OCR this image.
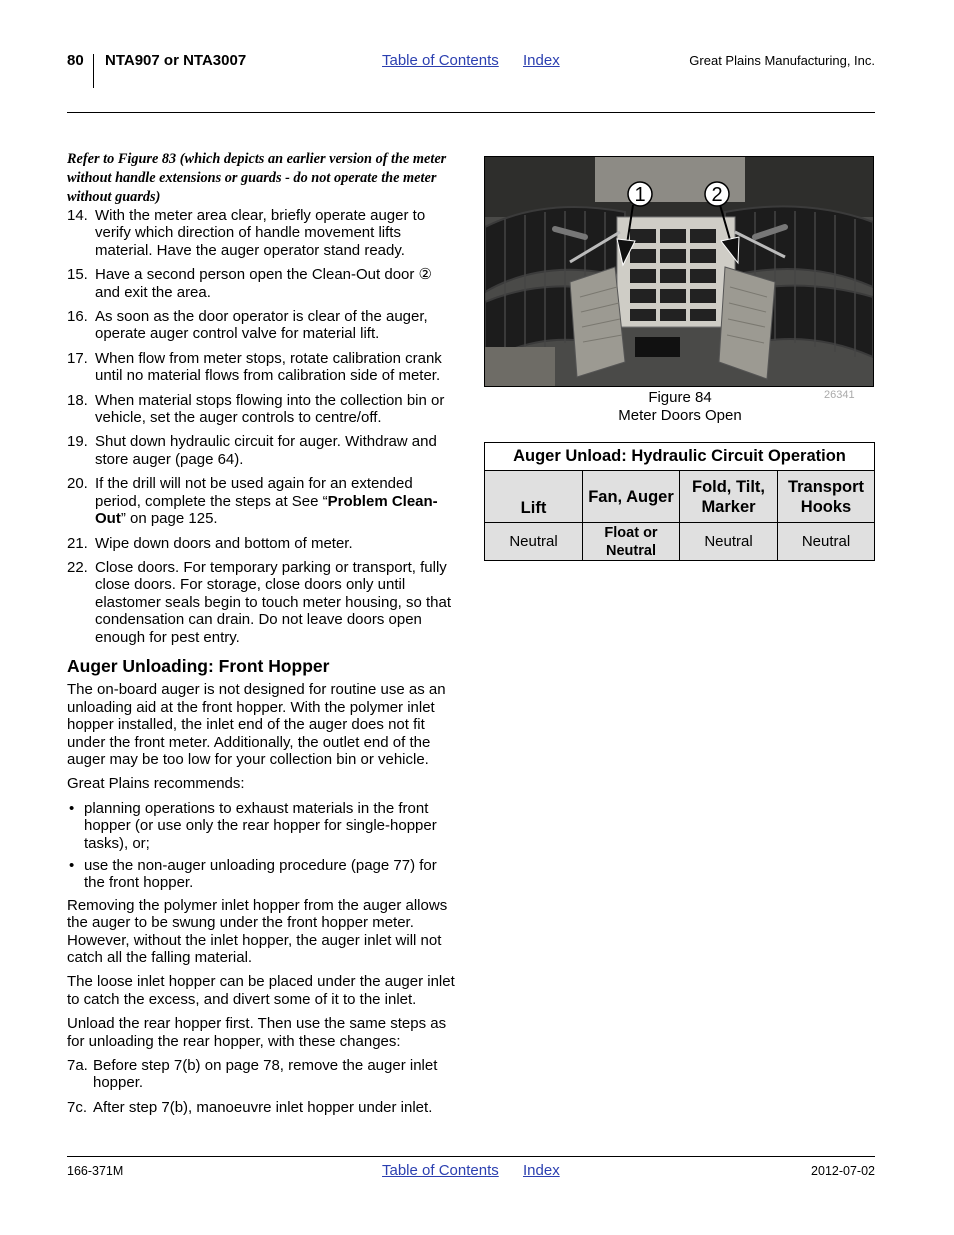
80 NTA907 or NTA3007	Table of Contents Index	Great Plains Manufacturing, Inc.
Refer to Figure 83 (which depicts an earlier version of the meter without handle extensions or guards - do not operate the meter without guards)
14. With the meter area clear, briefly operate auger to verify which direction of handle movement lifts material. Have the auger operator stand ready.
15. Have a second person open the Clean-Out door ② and exit the area.
16. As soon as the door operator is clear of the auger, operate auger control valve for material lift.
17. When flow from meter stops, rotate calibration crank until no material flows from calibration side of meter.
18. When material stops flowing into the collection bin or vehicle, set the auger controls to centre/off.
19. Shut down hydraulic circuit for auger. Withdraw and store auger (page 64).
20. If the drill will not be used again for an extended period, complete the steps at See “Problem Clean-Out” on page 125.
21. Wipe down doors and bottom of meter.
22. Close doors. For temporary parking or transport, fully close doors. For storage, close doors only until elastomer seals begin to touch meter housing, so that condensation can drain. Do not leave doors open enough for pest entry.
Auger Unloading: Front Hopper

The on-board auger is not designed for routine use as an unloading aid at the front hopper. With the polymer inlet hopper installed, the inlet end of the auger does not fit under the front meter. Additionally, the outlet end of the auger may be too low for your collection bin or vehicle.

Great Plains recommends:

• planning operations to exhaust materials in the front hopper (or use only the rear hopper for single-hopper tasks), or;
• use the non-auger unloading procedure (page 77) for the front hopper.

Removing the polymer inlet hopper from the auger allows the auger to be swung under the front hopper meter. However, without the inlet hopper, the auger inlet will not catch all the falling material.

The loose inlet hopper can be placed under the auger inlet to catch the excess, and divert some of it to the inlet.

Unload the rear hopper first. Then use the same steps as for unloading the rear hopper, with these changes:

7a. Before step 7(b) on page 78, remove the auger inlet hopper.
7c. After step 7(b), manoeuvre inlet hopper under inlet.
1	2
Figure 84
Meter Doors Open
26341
Auger Unload: Hydraulic Circuit Operation			
Lift	Fan, Auger	Fold, Tilt, Marker	Transport Hooks
Neutral	Float or Neutral	Neutral	Neutral
166-371M	Table of Contents Index	2012-07-02
